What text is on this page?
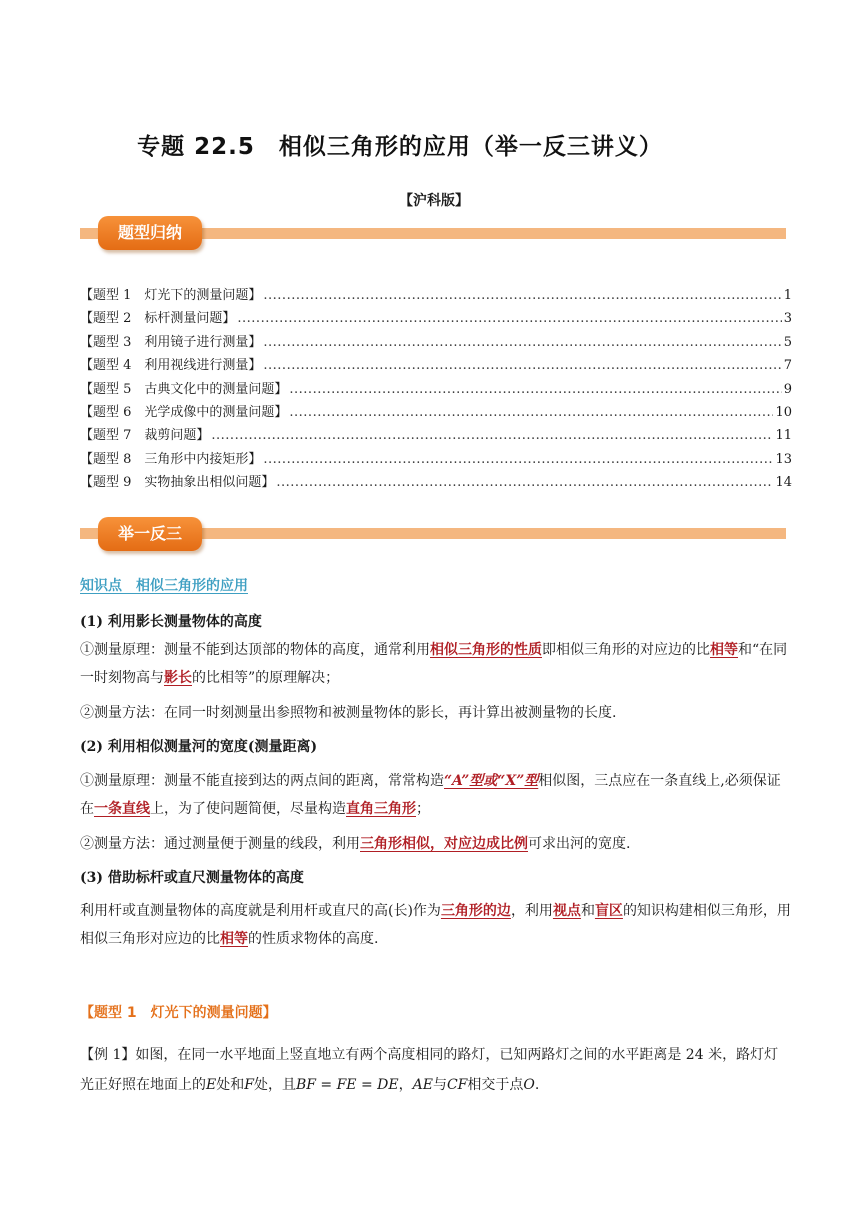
专题 22.5　相似三角形的应用（举一反三讲义）
【沪科版】
题型归纳
【题型 1　灯光下的测量问题】 .....	1
【题型 2　标杆测量问题】 .....	3
【题型 3　利用镜子进行测量】 .....	5
【题型 4　利用视线进行测量】 .....	7
【题型 5　古典文化中的测量问题】 .....	9
【题型 6　光学成像中的测量问题】 .....	10
【题型 7　裁剪问题】 .....	11
【题型 8　三角形中内接矩形】 .....	13
【题型 9　实物抽象出相似问题】 .....	14
举一反三
知识点　相似三角形的应用
(1) 利用影长测量物体的高度
①测量原理：测量不能到达顶部的物体的高度，通常利用相似三角形的性质即相似三角形的对应边的比相等和“在同一时刻物高与影长的比相等”的原理解决；
②测量方法：在同一时刻测量出参照物和被测量物体的影长，再计算出被测量物的长度.
(2) 利用相似测量河的宽度(测量距离)
①测量原理：测量不能直接到达的两点间的距离，常常构造“A”型或“X”型相似图，三点应在一条直线上,必须保证在一条直线上，为了使问题简便，尽量构造直角三角形；
②测量方法：通过测量便于测量的线段，利用三角形相似，对应边成比例可求出河的宽度.
(3) 借助标杆或直尺测量物体的高度
利用杆或直测量物体的高度就是利用杆或直尺的高(长)作为三角形的边，利用视点和盲区的知识构建相似三角形，用相似三角形对应边的比相等的性质求物体的高度.
【题型 1　灯光下的测量问题】
【例 1】如图，在同一水平地面上竖直地立有两个高度相同的路灯，已知两路灯之间的水平距离是 24 米，路灯灯光正好照在地面上的E处和F处，且BF = FE = DE，AE与CF相交于点O.
